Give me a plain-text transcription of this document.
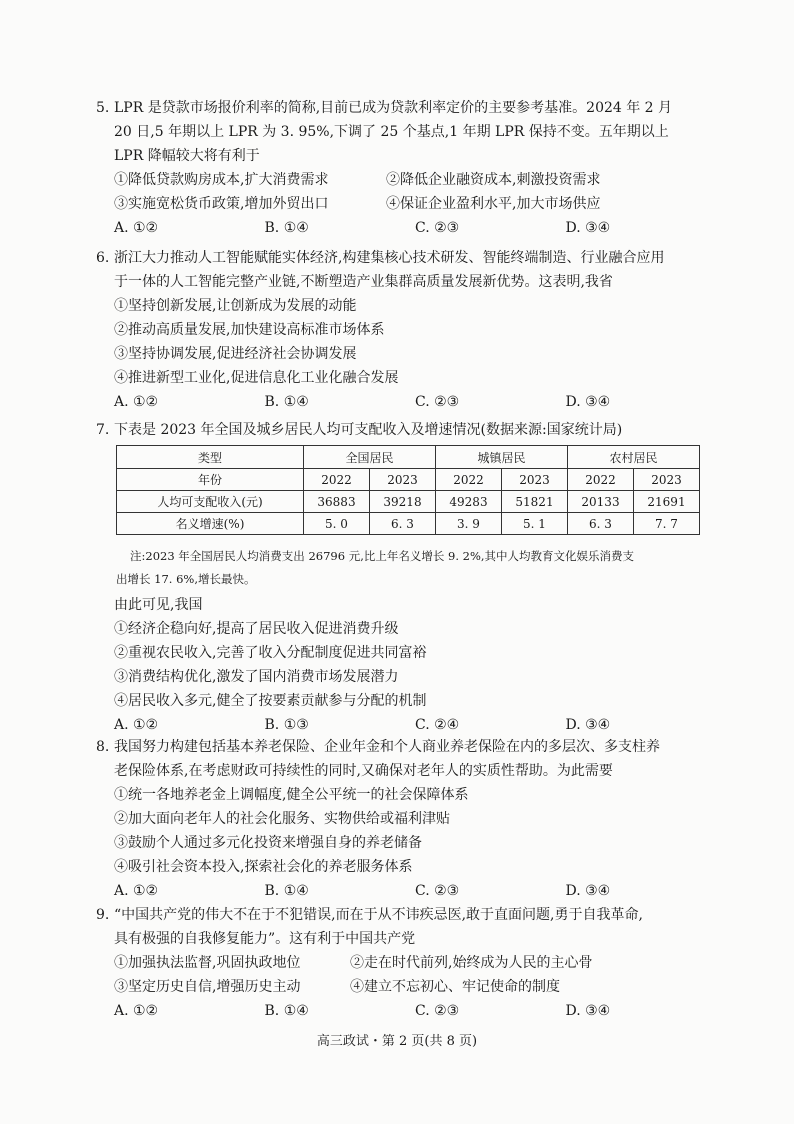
5. LPR 是贷款市场报价利率的简称,目前已成为贷款利率定价的主要参考基准。2024 年 2 月
20 日,5 年期以上 LPR 为 3. 95%,下调了 25 个基点,1 年期 LPR 保持不变。五年期以上
LPR 降幅较大将有利于
①降低贷款购房成本,扩大消费需求	②降低企业融资成本,刺激投资需求
③实施宽松货币政策,增加外贸出口	④保证企业盈利水平,加大市场供应
A. ①②	B. ①④	C. ②③	D. ③④
6. 浙江大力推动人工智能赋能实体经济,构建集核心技术研发、智能终端制造、行业融合应用
于一体的人工智能完整产业链,不断塑造产业集群高质量发展新优势。这表明,我省
①坚持创新发展,让创新成为发展的动能
②推动高质量发展,加快建设高标准市场体系
③坚持协调发展,促进经济社会协调发展
④推进新型工业化,促进信息化工业化融合发展
A. ①②	B. ①④	C. ②③	D. ③④
7. 下表是 2023 年全国及城乡居民人均可支配收入及增速情况(数据来源:国家统计局)
类型	全国居民		城镇居民		农村居民	
年份	2022	2023	2022	2023	2022	2023
人均可支配收入(元)	36883	39218	49283	51821	20133	21691
名义增速(%)	5. 0	6. 3	3. 9	5. 1	6. 3	7. 7
注:2023 年全国居民人均消费支出 26796 元,比上年名义增长 9. 2%,其中人均教育文化娱乐消费支
出增长 17. 6%,增长最快。
由此可见,我国
①经济企稳向好,提高了居民收入促进消费升级
②重视农民收入,完善了收入分配制度促进共同富裕
③消费结构优化,激发了国内消费市场发展潜力
④居民收入多元,健全了按要素贡献参与分配的机制
A. ①②	B. ①③	C. ②④	D. ③④
8. 我国努力构建包括基本养老保险、企业年金和个人商业养老保险在内的多层次、多支柱养
老保险体系,在考虑财政可持续性的同时,又确保对老年人的实质性帮助。为此需要
①统一各地养老金上调幅度,健全公平统一的社会保障体系
②加大面向老年人的社会化服务、实物供给或福利津贴
③鼓励个人通过多元化投资来增强自身的养老储备
④吸引社会资本投入,探索社会化的养老服务体系
A. ①②	B. ①④	C. ②③	D. ③④
9. “中国共产党的伟大不在于不犯错误,而在于从不讳疾忌医,敢于直面问题,勇于自我革命,
具有极强的自我修复能力”。这有利于中国共产党
①加强执法监督,巩固执政地位	②走在时代前列,始终成为人民的主心骨
③坚定历史自信,增强历史主动	④建立不忘初心、牢记使命的制度
A. ①②	B. ①④	C. ②③	D. ③④
高三政试・第 2 页(共 8 页)
